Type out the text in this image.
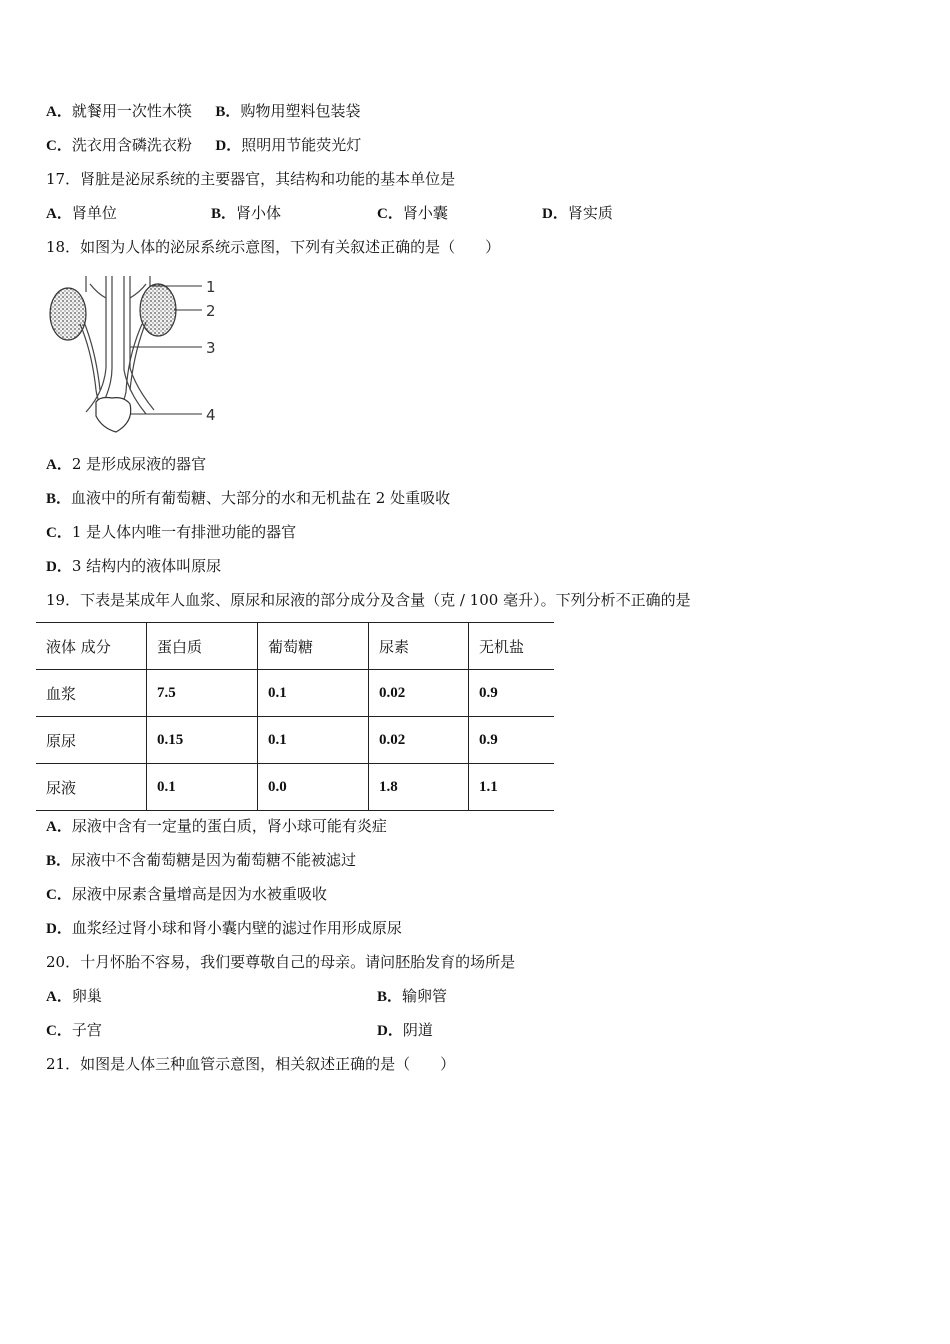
A．就餐用一次性木筷 B．购物用塑料包装袋
C．洗衣用含磷洗衣粉 D．照明用节能荧光灯
17．肾脏是泌尿系统的主要器官，其结构和功能的基本单位是
A．肾单位	B．肾小体	C．肾小囊	D．肾实质
18．如图为人体的泌尿系统示意图，下列有关叙述正确的是（　　）
1
2
3
4
A．2 是形成尿液的器官
B．血液中的所有葡萄糖、大部分的水和无机盐在 2 处重吸收
C．1 是人体内唯一有排泄功能的器官
D．3 结构内的液体叫原尿
19．下表是某成年人血浆、原尿和尿液的部分成分及含量（克 / 100 毫升）。下列分析不正确的是
液体 成分	蛋白质	葡萄糖	尿素	无机盐
血浆	7.5	0.1	0.02	0.9
原尿	0.15	0.1	0.02	0.9
尿液	0.1	0.0	1.8	1.1
A．尿液中含有一定量的蛋白质，肾小球可能有炎症
B．尿液中不含葡萄糖是因为葡萄糖不能被滤过
C．尿液中尿素含量增高是因为水被重吸收
D．血浆经过肾小球和肾小囊内壁的滤过作用形成原尿
20．十月怀胎不容易，我们要尊敬自己的母亲。请问胚胎发育的场所是
A．卵巢	B．输卵管
C．子宫	D．阴道
21．如图是人体三种血管示意图，相关叙述正确的是（　　）
